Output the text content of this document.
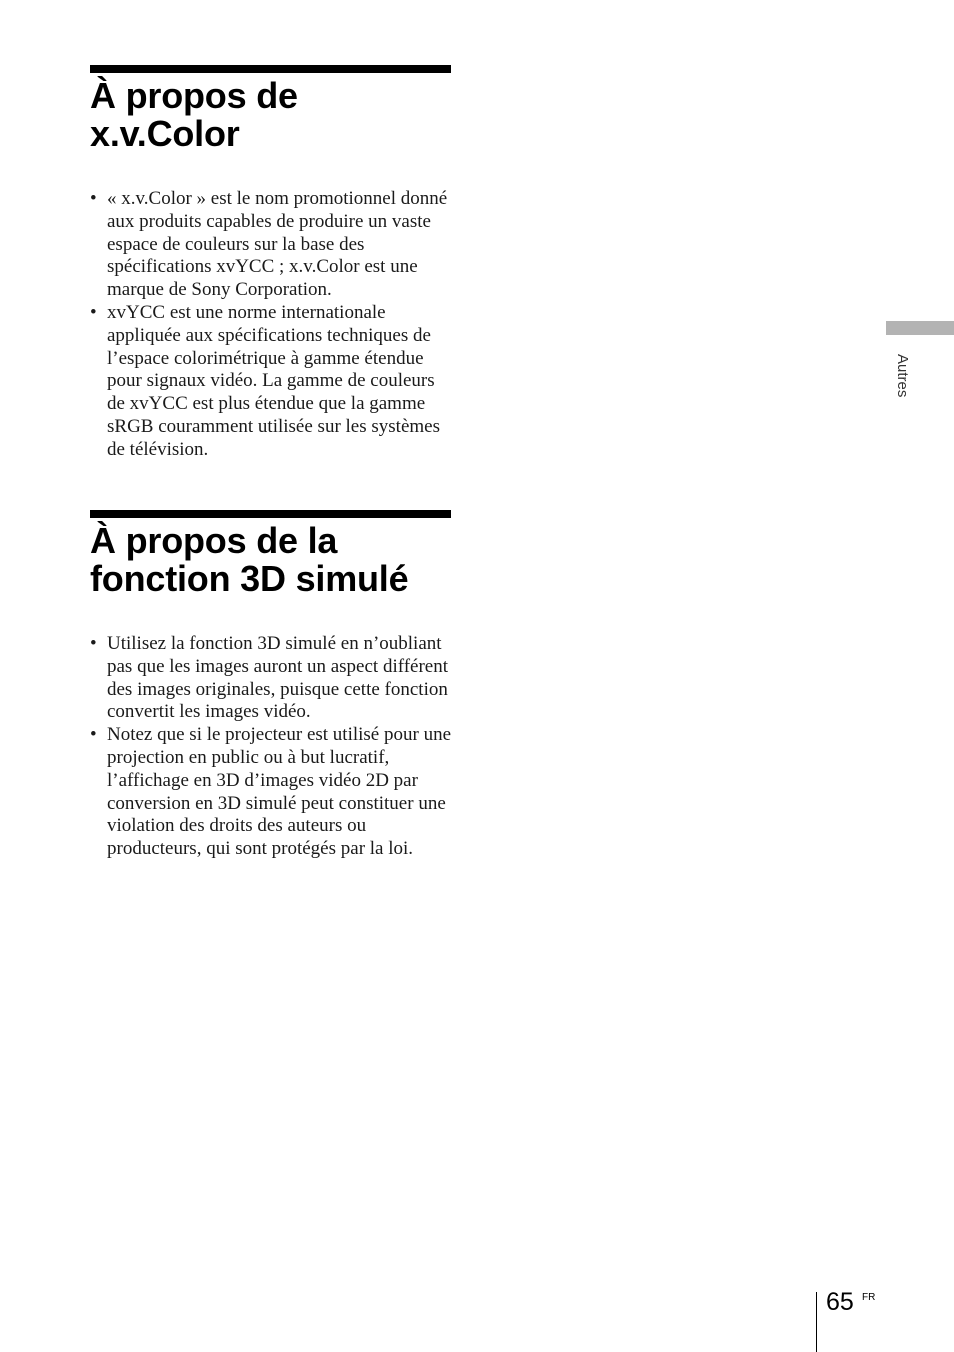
À propos de
x.v.Color
• « x.v.Color » est le nom promotionnel donné aux produits capables de produire un vaste espace de couleurs sur la base des spécifications xvYCC ; x.v.Color est une marque de Sony Corporation.
• xvYCC est une norme internationale appliquée aux spécifications techniques de l’espace colorimétrique à gamme étendue pour signaux vidéo. La gamme de couleurs de xvYCC est plus étendue que la gamme sRGB couramment utilisée sur les systèmes de télévision.
À propos de la
fonction 3D simulé
• Utilisez la fonction 3D simulé en n’oubliant pas que les images auront un aspect différent des images originales, puisque cette fonction convertit les images vidéo.
• Notez que si le projecteur est utilisé pour une projection en public ou à but lucratif, l’affichage en 3D d’images vidéo 2D par conversion en 3D simulé peut constituer une violation des droits des auteurs ou producteurs, qui sont protégés par la loi.
Autres
65 FR
